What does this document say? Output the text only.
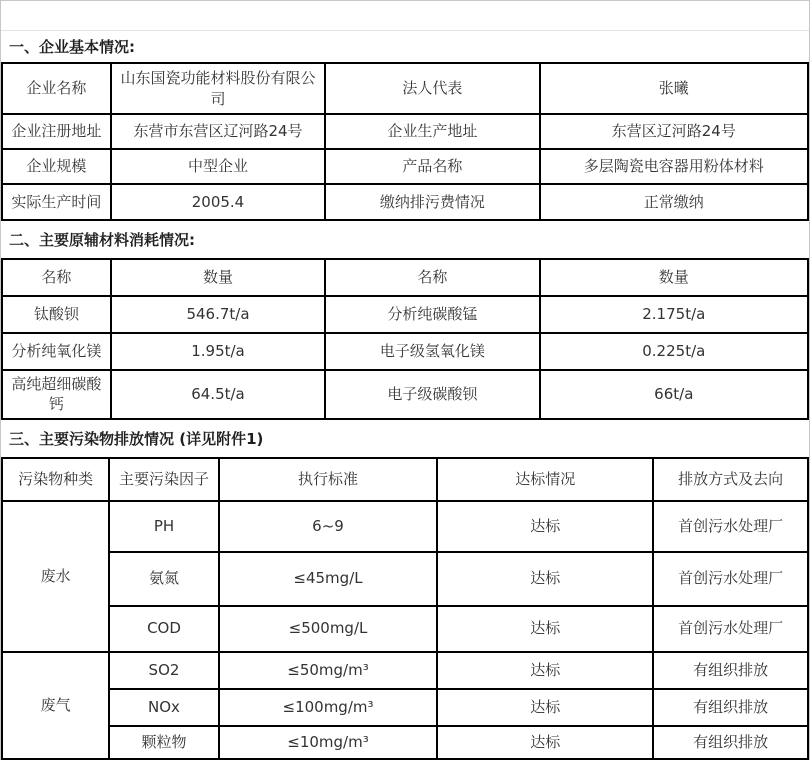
一、企业基本情况:
企业名称	山东国瓷功能材料股份有限公司	法人代表	张曦
企业注册地址	东营市东营区辽河路24号	企业生产地址	东营区辽河路24号
企业规模	中型企业	产品名称	多层陶瓷电容器用粉体材料
实际生产时间	2005.4	缴纳排污费情况	正常缴纳
二、主要原辅材料消耗情况:
名称	数量	名称	数量
钛酸钡	546.7t/a	分析纯碳酸锰	2.175t/a
分析纯氧化镁	1.95t/a	电子级氢氧化镁	0.225t/a
高纯超细碳酸钙	64.5t/a	电子级碳酸钡	66t/a
三、主要污染物排放情况 (详见附件1)
污染物种类	主要污染因子	执行标准	达标情况	排放方式及去向
废水	PH	6~9	达标	首创污水处理厂
	氨氮	≤45mg/L	达标	首创污水处理厂
	COD	≤500mg/L	达标	首创污水处理厂
废气	SO2	≤50mg/m³	达标	有组织排放
	NOx	≤100mg/m³	达标	有组织排放
	颗粒物	≤10mg/m³	达标	有组织排放
